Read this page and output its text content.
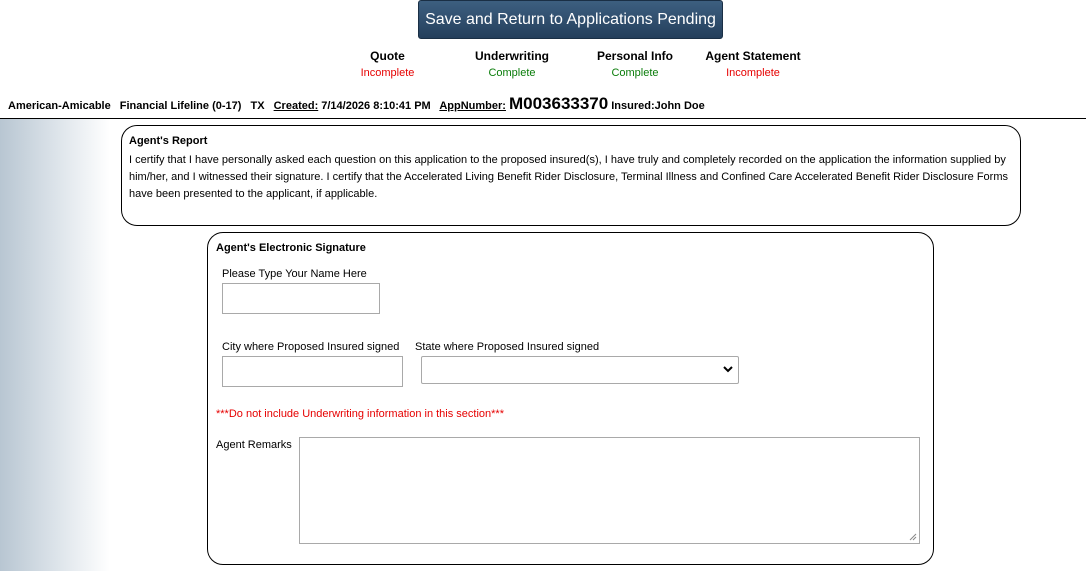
Save and Return to Applications Pending
Quote
Incomplete
Underwriting
Complete
Personal Info
Complete
Agent Statement
Incomplete
American-Amicable Financial Lifeline (0-17) TX Created: 7/14/2026 8:10:41 PM AppNumber: M003633370 Insured:John Doe
Agent's Report
I certify that I have personally asked each question on this application to the proposed insured(s), I have truly and completely recorded on the application the information supplied by him/her, and I witnessed their signature. I certify that the Accelerated Living Benefit Rider Disclosure, Terminal Illness and Confined Care Accelerated Benefit Rider Disclosure Forms have been presented to the applicant, if applicable.
Agent's Electronic Signature
Please Type Your Name Here
City where Proposed Insured signed State where Proposed Insured signed
***Do not include Underwriting information in this section***
Agent Remarks
